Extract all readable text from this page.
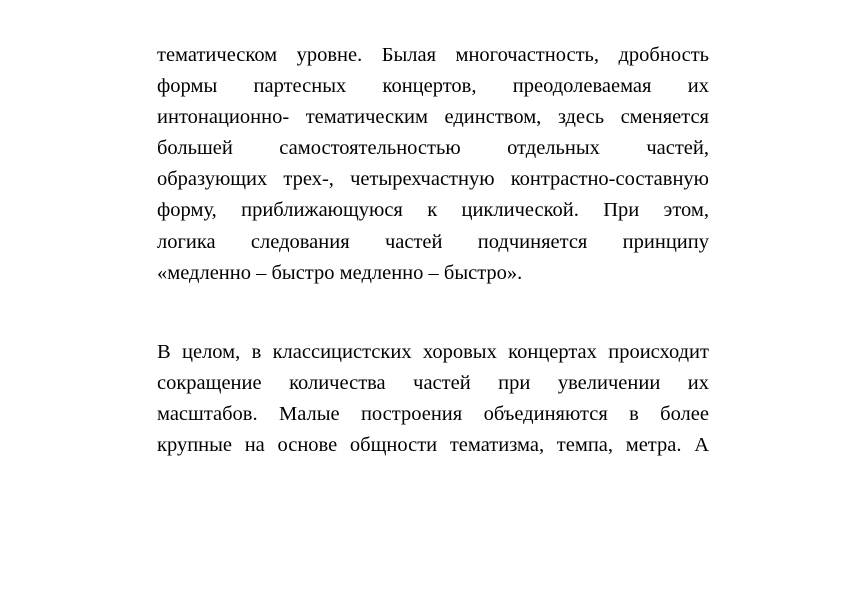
тематическом уровне. Былая многочастность, дробность
формы партесных концертов, преодолеваемая их
интонационно- тематическим единством, здесь сменяется
большей самостоятельностью отдельных частей,
образующих трех-, четырехчастную контрастно-составную
форму, приближающуюся к циклической. При этом,
логика следования частей подчиняется принципу
«медленно – быстро медленно – быстро».
В целом, в классицистских хоровых концертах происходит
сокращение количества частей при увеличении их
масштабов. Малые построения объединяются в более
крупные на основе общности тематизма, темпа, метра. А
